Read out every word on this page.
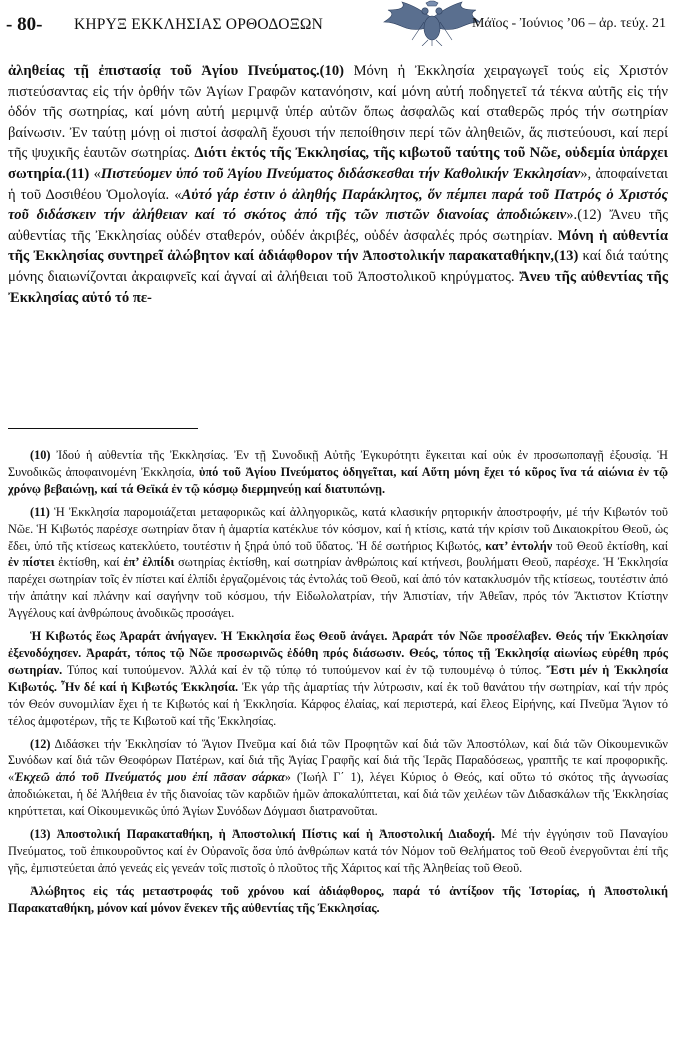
- 80- ΚΗΡΥΞ ΕΚΚΛΗΣΙΑΣ ΟΡΘΟΔΟΞΩΝ	Μάϊος - Ἰούνιος ’06 – ἀρ. τεύχ. 21

ἀληθείας τῇ ἐπιστασίᾳ τοῦ Ἁγίου Πνεύματος.(10) Μόνη ἡ Ἐκκλησία χειραγωγεῖ τούς εἰς Χριστόν πιστεύσαντας εἰς τήν ὀρθήν τῶν Ἁγίων Γραφῶν κατανόησιν, καί μόνη αὐτή ποδηγετεῖ τά τέκνα αὐτῆς εἰς τήν ὁδόν τῆς σωτηρίας, καί μόνη αὐτή μεριμνᾷ ὑπέρ αὐτῶν ὅπως ἀσφαλῶς καί σταθερῶς πρός τήν σωτηρίαν βαίνωσιν. Ἐν ταύτῃ μόνῃ οἱ πιστοί ἀσφαλῆ ἔχουσι τήν πεποίθησιν περί τῶν ἀληθειῶν, ἅς πιστεύουσι, καί περί τῆς ψυχικῆς ἑαυτῶν σωτηρίας. Διότι ἐκτός τῆς Ἐκκλησίας, τῆς κιβωτοῦ ταύτης τοῦ Νῶε, οὐδεμία ὑπάρχει σωτηρία.(11) «Πιστεύομεν ὑπό τοῦ Ἁγίου Πνεύματος διδάσκεσθαι τήν Καθολικήν Ἐκκλησίαν», ἀποφαίνεται ἡ τοῦ Δοσιθέου Ὁμολογία. «Αὐτό γάρ ἐστιν ὁ ἀληθής Παράκλητος, ὅν πέμπει παρά τοῦ Πατρός ὁ Χριστός τοῦ διδάσκειν τήν ἀλήθειαν καί τό σκότος ἀπό τῆς τῶν πιστῶν διανοίας ἀποδιώκειν».(12) Ἄνευ τῆς αὐθεντίας τῆς Ἐκκλησίας οὐδέν σταθερόν, οὐδέν ἀκριβές, οὐδέν ἀσφαλές πρός σωτηρίαν. Μόνη ἡ αὐθεντία τῆς Ἐκκλησίας συντηρεῖ ἀλώβητον καί ἀδιάφθορον τήν Ἀποστολικήν παρακαταθήκην,(13) καί διά ταύτης μόνης διαιωνίζονται ἀκραιφνεῖς καί ἁγναί αἱ ἀλήθειαι τοῦ Ἀποστολικοῦ κηρύγματος. Ἄνευ τῆς αὐθεντίας τῆς Ἐκκλησίας αὐτό τό πε-

(10) Ἰδού ἡ αὐθεντία τῆς Ἐκκλησίας. Ἐν τῇ Συνοδικῇ Αὐτῆς Ἐγκυρότητι ἔγκειται καί οὐκ ἐν προσωποπαγῇ ἐξουσίᾳ. Ἡ Συνοδικῶς ἀποφαινομένη Ἐκκλησία, ὑπό τοῦ Ἁγίου Πνεύματος ὁδηγεῖται, καί Αὕτη μόνη ἔχει τό κῦρος ἵνα τά αἰώνια ἐν τῷ χρόνῳ βεβαιώνῃ, καί τά Θεϊκά ἐν τῷ κόσμῳ διερμηνεύῃ καί διατυπώνῃ.

(11) Ἡ Ἐκκλησία παρομοιάζεται μεταφορικῶς καί ἀλληγορικῶς, κατά κλασικήν ρητορικήν ἀποστροφήν, μέ τήν Κιβωτόν τοῦ Νῶε. Ἡ Κιβωτός παρέσχε σωτηρίαν ὅταν ἡ ἁμαρτία κατέκλυε τόν κόσμον, καί ἡ κτίσις, κατά τήν κρίσιν τοῦ Δικαιοκρίτου Θεοῦ, ὡς ἔδει, ὑπό τῆς κτίσεως κατεκλύετο, τουτέστιν ἡ ξηρά ὑπό τοῦ ὕδατος. Ἡ δέ σωτήριος Κιβωτός, κατ’ ἐντολήν τοῦ Θεοῦ ἐκτίσθη, καί ἐν πίστει ἐκτίσθη, καί ἐπ’ ἐλπίδι σωτηρίας ἐκτίσθη, καί σωτηρίαν ἀνθρώποις καί κτήνεσι, βουλήματι Θεοῦ, παρέσχε. Ἡ Ἐκκλησία παρέχει σωτηρίαν τοῖς ἐν πίστει καί ἐλπίδι ἐργαζομένοις τάς ἐντολάς τοῦ Θεοῦ, καί ἀπό τόν κατακλυσμόν τῆς κτίσεως, τουτέστιν ἀπό τήν ἀπάτην καί πλάνην καί σαγήνην τοῦ κόσμου, τήν Εἰδωλολατρίαν, τήν Ἀπιστίαν, τήν Ἀθεΐαν, πρός τόν Ἄκτιστον Κτίστην Ἀγγέλους καί ἀνθρώπους ἀνοδικῶς προσάγει.

Ἡ Κιβωτός ἕως Ἀραράτ ἀνήγαγεν. Ἡ Ἐκκλησία ἕως Θεοῦ ἀνάγει. Ἀραράτ τόν Νῶε προσέλαβεν. Θεός τήν Ἐκκλησίαν ἐξενοδόχησεν. Ἀραράτ, τόπος τῷ Νῶε προσωρινῶς ἐδόθη πρός διάσωσιν. Θεός, τόπος τῇ Ἐκκλησίᾳ αἰωνίως εὑρέθη πρός σωτηρίαν. Τύπος καί τυπούμενον. Ἀλλά καί ἐν τῷ τύπῳ τό τυπούμενον καί ἐν τῷ τυπουμένῳ ὁ τύπος. Ἔστι μέν ἡ Ἐκκλησία Κιβωτός. Ἦν δέ καί ἡ Κιβωτός Ἐκκλησία. Ἐκ γάρ τῆς ἁμαρτίας τήν λύτρωσιν, καί ἐκ τοῦ θανάτου τήν σωτηρίαν, καί τήν πρός τόν Θεόν συνομιλίαν ἔχει ἡ τε Κιβωτός καί ἡ Ἐκκλησία. Κάρφος ἐλαίας, καί περιστερά, καί ἔλεος Εἰρήνης, καί Πνεῦμα Ἅγιον τό τέλος ἀμφοτέρων, τῆς τε Κιβωτοῦ καί τῆς Ἐκκλησίας.

(12) Διδάσκει τήν Ἐκκλησίαν τό Ἅγιον Πνεῦμα καί διά τῶν Προφητῶν καί διά τῶν Ἀποστόλων, καί διά τῶν Οἰκουμενικῶν Συνόδων καί διά τῶν Θεοφόρων Πατέρων, καί διά τῆς Ἁγίας Γραφῆς καί διά τῆς Ἱερᾶς Παραδόσεως, γραπτῆς τε καί προφορικῆς. «Ἐκχεῶ ἀπό τοῦ Πνεύματός μου ἐπί πᾶσαν σάρκα» (Ἰωήλ Γ΄ 1), λέγει Κύριος ὁ Θεός, καί οὕτω τό σκότος τῆς ἀγνωσίας ἀποδιώκεται, ἡ δέ Ἀλήθεια ἐν τῆς διανοίας τῶν καρδιῶν ἡμῶν ἀποκαλύπτεται, καί διά τῶν χειλέων τῶν Διδασκάλων τῆς Ἐκκλησίας κηρύττεται, καί Οἰκουμενικῶς ὑπό Ἁγίων Συνόδων Δόγμασι διατρανοῦται.

(13) Ἀποστολική Παρακαταθήκη, ἡ Ἀποστολική Πίστις καί ἡ Ἀποστολική Διαδοχή. Μέ τήν ἐγγύησιν τοῦ Παναγίου Πνεύματος, τοῦ ἐπικουροῦντος καί ἐν Οὐρανοῖς ὅσα ὑπό ἀνθρώπων κατά τόν Νόμον τοῦ Θελήματος τοῦ Θεοῦ ἐνεργοῦνται ἐπί τῆς γῆς, ἐμπιστεύεται ἀπό γενεάς εἰς γενεάν τοῖς πιστοῖς ὁ πλοῦτος τῆς Χάριτος καί τῆς Ἀληθείας τοῦ Θεοῦ.

Ἀλώβητος εἰς τάς μεταστροφάς τοῦ χρόνου καί ἀδιάφθορος, παρά τό ἀντίξοον τῆς Ἱστορίας, ἡ Ἀποστολική Παρακαταθήκη, μόνον καί μόνον ἕνεκεν τῆς αὐθεντίας τῆς Ἐκκλησίας.
